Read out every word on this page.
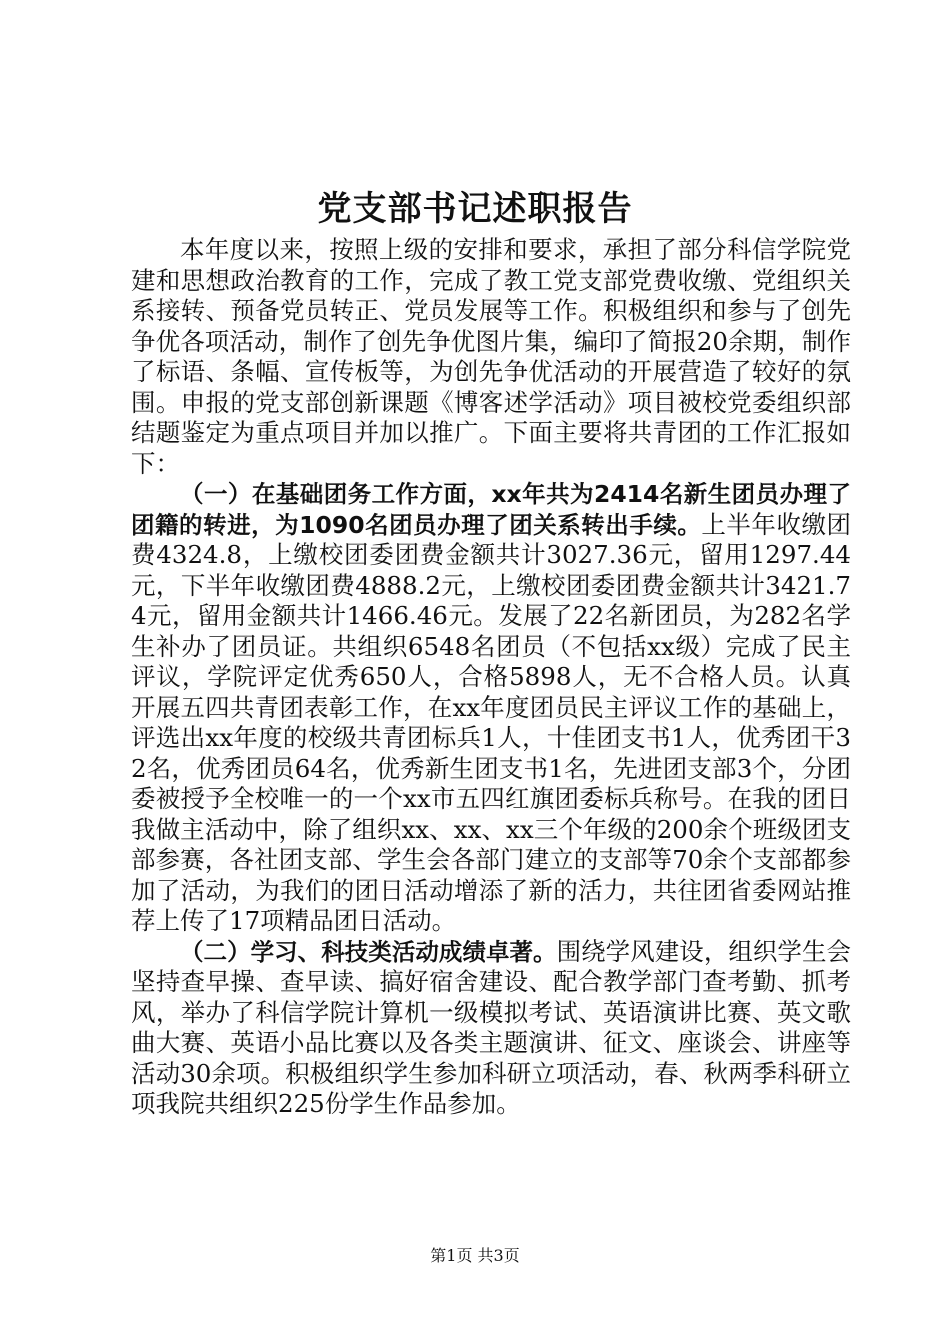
党支部书记述职报告

本年度以来，按照上级的安排和要求，承担了部分科信学院党建和思想政治教育的工作，完成了教工党支部党费收缴、党组织关系接转、预备党员转正、党员发展等工作。积极组织和参与了创先争优各项活动，制作了创先争优图片集，编印了简报20余期，制作了标语、条幅、宣传板等，为创先争优活动的开展营造了较好的氛围。申报的党支部创新课题《博客述学活动》项目被校党委组织部结题鉴定为重点项目并加以推广。下面主要将共青团的工作汇报如下：

（一）在基础团务工作方面，xx年共为2414名新生团员办理了团籍的转进，为1090名团员办理了团关系转出手续。上半年收缴团费4324.8，上缴校团委团费金额共计3027.36元，留用1297.44元，下半年收缴团费4888.2元，上缴校团委团费金额共计3421.74元，留用金额共计1466.46元。发展了22名新团员，为282名学生补办了团员证。共组织6548名团员（不包括xx级）完成了民主评议，学院评定优秀650人，合格5898人，无不合格人员。认真开展五四共青团表彰工作，在xx年度团员民主评议工作的基础上，评选出xx年度的校级共青团标兵1人，十佳团支书1人，优秀团干32名，优秀团员64名，优秀新生团支书1名，先进团支部3个，分团委被授予全校唯一的一个xx市五四红旗团委标兵称号。在我的团日我做主活动中，除了组织xx、xx、xx三个年级的200余个班级团支部参赛，各社团支部、学生会各部门建立的支部等70余个支部都参加了活动，为我们的团日活动增添了新的活力，共往团省委网站推荐上传了17项精品团日活动。

（二）学习、科技类活动成绩卓著。围绕学风建设，组织学生会坚持查早操、查早读、搞好宿舍建设、配合教学部门查考勤、抓考风，举办了科信学院计算机一级模拟考试、英语演讲比赛、英文歌曲大赛、英语小品比赛以及各类主题演讲、征文、座谈会、讲座等活动30余项。积极组织学生参加科研立项活动，春、秋两季科研立项我院共组织225份学生作品参加。

第1页 共3页
